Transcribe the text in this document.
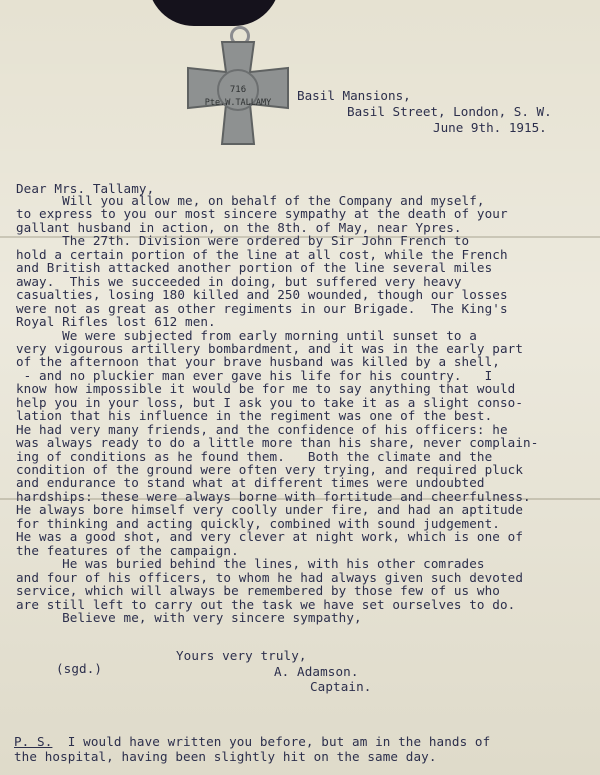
716
Pte.W.TALLAMY Basil Mansions,
Basil Street, London, S. W.
June 9th. 1915.
Dear Mrs. Tallamy,
Will you allow me, on behalf of the Company and myself,
to express to you our most sincere sympathy at the death of your
gallant husband in action, on the 8th. of May, near Ypres.
The 27th. Division were ordered by Sir John French to
hold a certain portion of the line at all cost, while the French
and British attacked another portion of the line several miles
away.  This we succeeded in doing, but suffered very heavy
casualties, losing 180 killed and 250 wounded, though our losses
were not as great as other regiments in our Brigade.  The King's
Royal Rifles lost 612 men.
We were subjected from early morning until sunset to a
very vigourous artillery bombardment, and it was in the early part
of the afternoon that your brave husband was killed by a shell,
- and no pluckier man ever gave his life for his country.   I
know how impossible it would be for me to say anything that would
help you in your loss, but I ask you to take it as a slight conso-
lation that his influence in the regiment was one of the best.
He had very many friends, and the confidence of his officers: he
was always ready to do a little more than his share, never complain-
ing of conditions as he found them.   Both the climate and the
condition of the ground were often very trying, and required pluck
and endurance to stand what at different times were undoubted
hardships: these were always borne with fortitude and cheerfulness.
He always bore himself very coolly under fire, and had an aptitude
for thinking and acting quickly, combined with sound judgement.
He was a good shot, and very clever at night work, which is one of
the features of the campaign.
He was buried behind the lines, with his other comrades
and four of his officers, to whom he had always given such devoted
service, which will always be remembered by those few of us who
are still left to carry out the task we have set ourselves to do.
Believe me, with very sincere sympathy,
Yours very truly,
(sgd.)	A. Adamson.
Captain.
P. S.  I would have written you before, but am in the hands of
the hospital, having been slightly hit on the same day.
